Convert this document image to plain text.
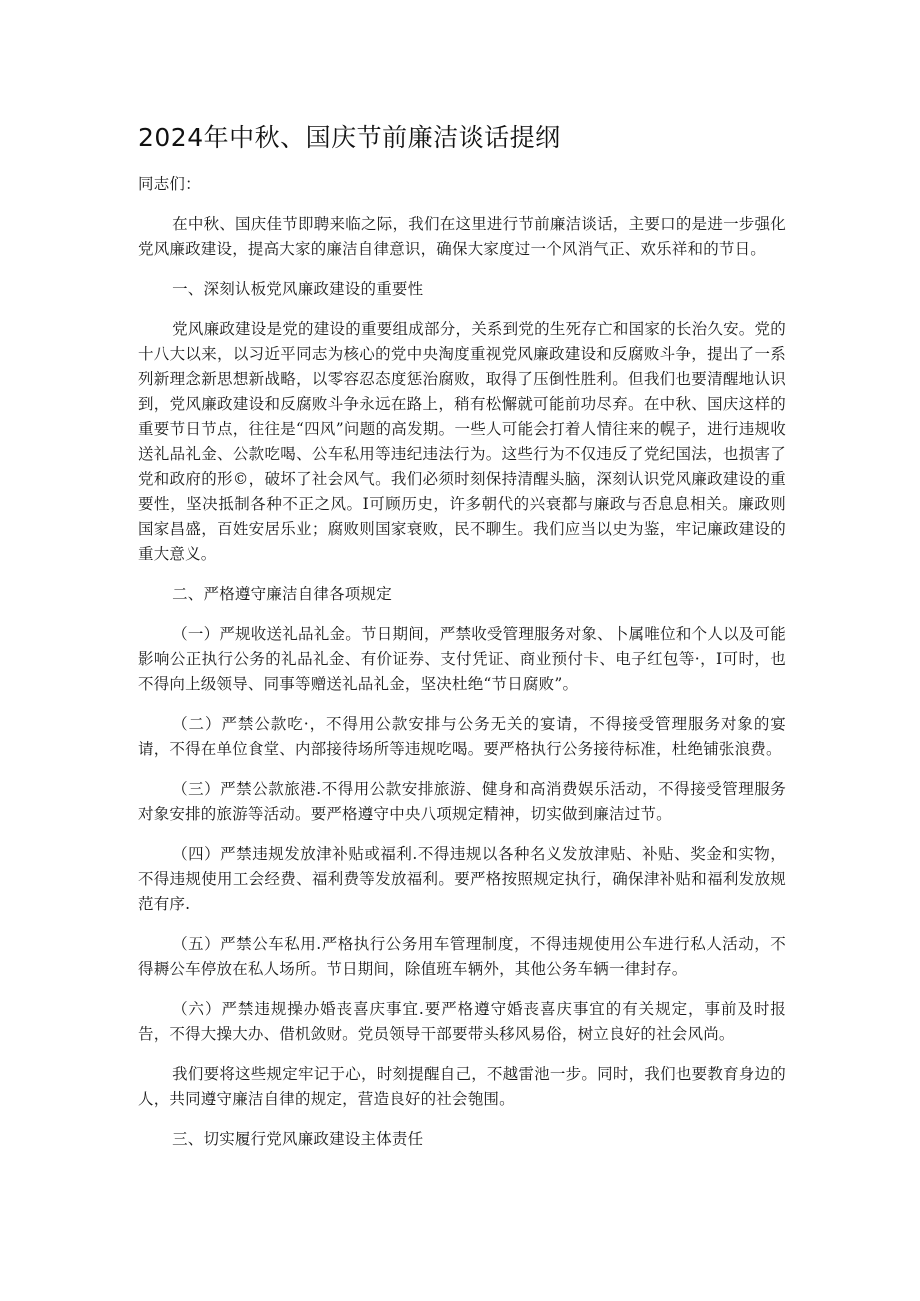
2024年中秋、国庆节前廉洁谈话提纲

同志们：

在中秋、国庆佳节即聘来临之际，我们在这里进行节前廉洁谈话，主要口的是进一步强化党风廉政建设，提高大家的廉洁自律意识，确保大家度过一个风消气正、欢乐祥和的节日。

一、深刻认板党风廉政建设的重要性

党风廉政建设是党的建设的重要组成部分，关系到党的生死存亡和国家的长治久安。党的十八大以来，以习近平同志为核心的党中央淘度重视党风廉政建设和反腐败斗争，提出了一系列新理念新思想新战略，以零容忍态度惩治腐败，取得了压倒性胜利。但我们也要清醒地认识到，党风廉政建设和反腐败斗争永远在路上，稍有松懈就可能前功尽弃。在中秋、国庆这样的重要节日节点，往往是“四风”问题的高发期。一些人可能会打着人情往来的幌子，进行违规收送礼品礼金、公款吃喝、公车私用等违纪违法行为。这些行为不仅违反了党纪国法，也损害了党和政府的形©，破坏了社会风气。我们必须时刻保持清醒头脑，深刻认识党风廉政建设的重要性，坚决抵制各种不正之风。I可顾历史，许多朝代的兴衰都与廉政与否息息相关。廉政则国家昌盛，百姓安居乐业；腐败则国家衰败，民不聊生。我们应当以史为鉴，牢记廉政建设的重大意义。

二、严格遵守廉洁自律各项规定

（一）严规收送礼品礼金。节日期间，严禁收受管理服务对象、卜属唯位和个人以及可能影响公正执行公务的礼品礼金、有价证券、支付凭证、商业预付卡、电子红包等·，I可时，也不得向上级领导、同事等赠送礼品礼金，坚决杜绝“节日腐败”。

（二）严禁公款吃·，不得用公款安排与公务无关的宴请，不得接受管理服务对象的宴请，不得在单位食堂、内部接待场所等违规吃喝。要严格执行公务接待标准，杜绝铺张浪费。

（三）严禁公款旅港.不得用公款安排旅游、健身和高消费娱乐活动，不得接受管理服务对象安排的旅游等活动。要严格遵守中央八项规定精神，切实做到廉洁过节。

（四）严禁违规发放津补贴或福利.不得违规以各种名义发放津贴、补贴、奖金和实物，不得违规使用工会经费、福利费等发放福利。要严格按照规定执行，确保津补贴和福利发放规范有序.

（五）严禁公车私用.严格执行公务用车管理制度，不得违规使用公车进行私人活动，不得耨公车停放在私人场所。节日期间，除值班车辆外，其他公务车辆一律封存。

（六）严禁违规操办婚丧喜庆事宜.要严格遵守婚丧喜庆事宜的有关规定，事前及时报告，不得大操大办、借机敛财。党员领导干部要带头移风易俗，树立良好的社会风尚。

我们要将这些规定牢记于心，时刻提醒自己，不越雷池一步。同时，我们也要教育身边的人，共同遵守廉洁自律的规定，营造良好的社会匏围。

三、切实履行党风廉政建设主体责任
